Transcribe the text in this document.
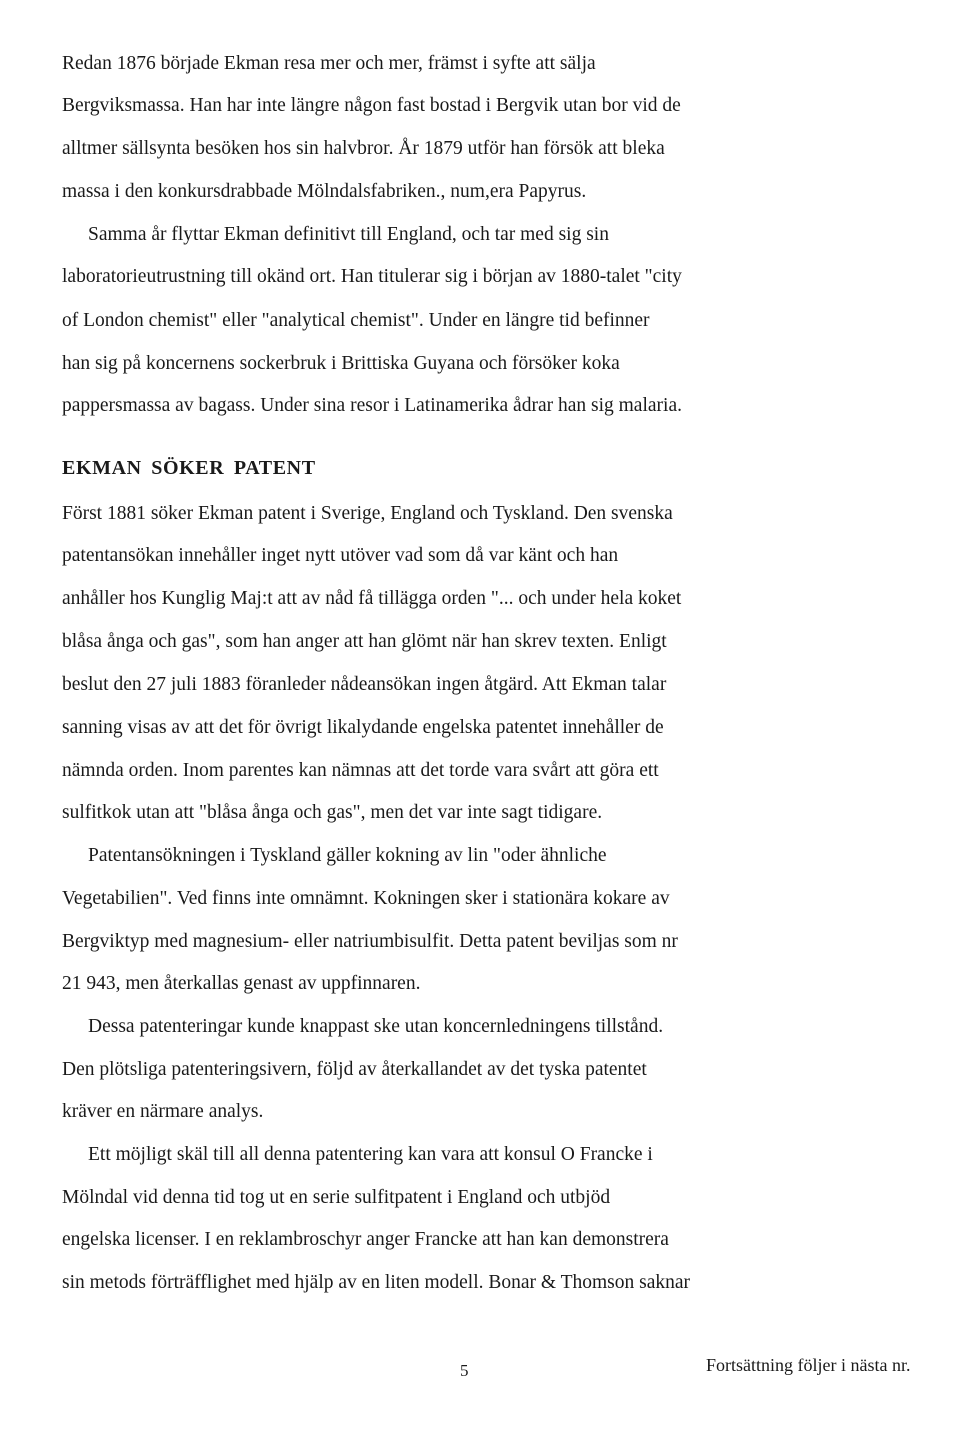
Redan 1876 började Ekman resa mer och mer, främst i syfte att sälja
Bergviksmassa. Han har inte längre någon fast bostad i Bergvik utan bor vid de
alltmer sällsynta besöken hos sin halvbror. År 1879 utför han försök att bleka
massa i den konkursdrabbade Mölndalsfabriken., num,era Papyrus.
Samma år flyttar Ekman definitivt till England, och tar med sig sin
laboratorieutrustning till okänd ort. Han titulerar sig i början av 1880-talet "city
of London chemist" eller "analytical chemist". Under en längre tid befinner
han sig på koncernens sockerbruk i Brittiska Guyana och försöker koka
pappersmassa av bagass. Under sina resor i Latinamerika ådrar han sig malaria.
EKMAN SÖKER PATENT
Först 1881 söker Ekman patent i Sverige, England och Tyskland. Den svenska
patentansökan innehåller inget nytt utöver vad som då var känt och han
anhåller hos Kunglig Maj:t att av nåd få tillägga orden "... och under hela koket
blåsa ånga och gas", som han anger att han glömt när han skrev texten. Enligt
beslut den 27 juli 1883 föranleder nådeansökan ingen åtgärd. Att Ekman talar
sanning visas av att det för övrigt likalydande engelska patentet innehåller de
nämnda orden. Inom parentes kan nämnas att det torde vara svårt att göra ett
sulfitkok utan att "blåsa ånga och gas", men det var inte sagt tidigare.
Patentansökningen i Tyskland gäller kokning av lin "oder ähnliche
Vegetabilien". Ved finns inte omnämnt. Kokningen sker i stationära kokare av
Bergviktyp med magnesium- eller natriumbisulfit. Detta patent beviljas som nr
21 943, men återkallas genast av uppfinnaren.
Dessa patenteringar kunde knappast ske utan koncernledningens tillstånd.
Den plötsliga patenteringsivern, följd av återkallandet av det tyska patentet
kräver en närmare analys.
Ett möjligt skäl till all denna patentering kan vara att konsul O Francke i
Mölndal vid denna tid tog ut en serie sulfitpatent i England och utbjöd
engelska licenser. I en reklambroschyr anger Francke att han kan demonstrera
sin metods förträfflighet med hjälp av en liten modell. Bonar & Thomson saknar
5	Fortsättning följer i nästa nr.
